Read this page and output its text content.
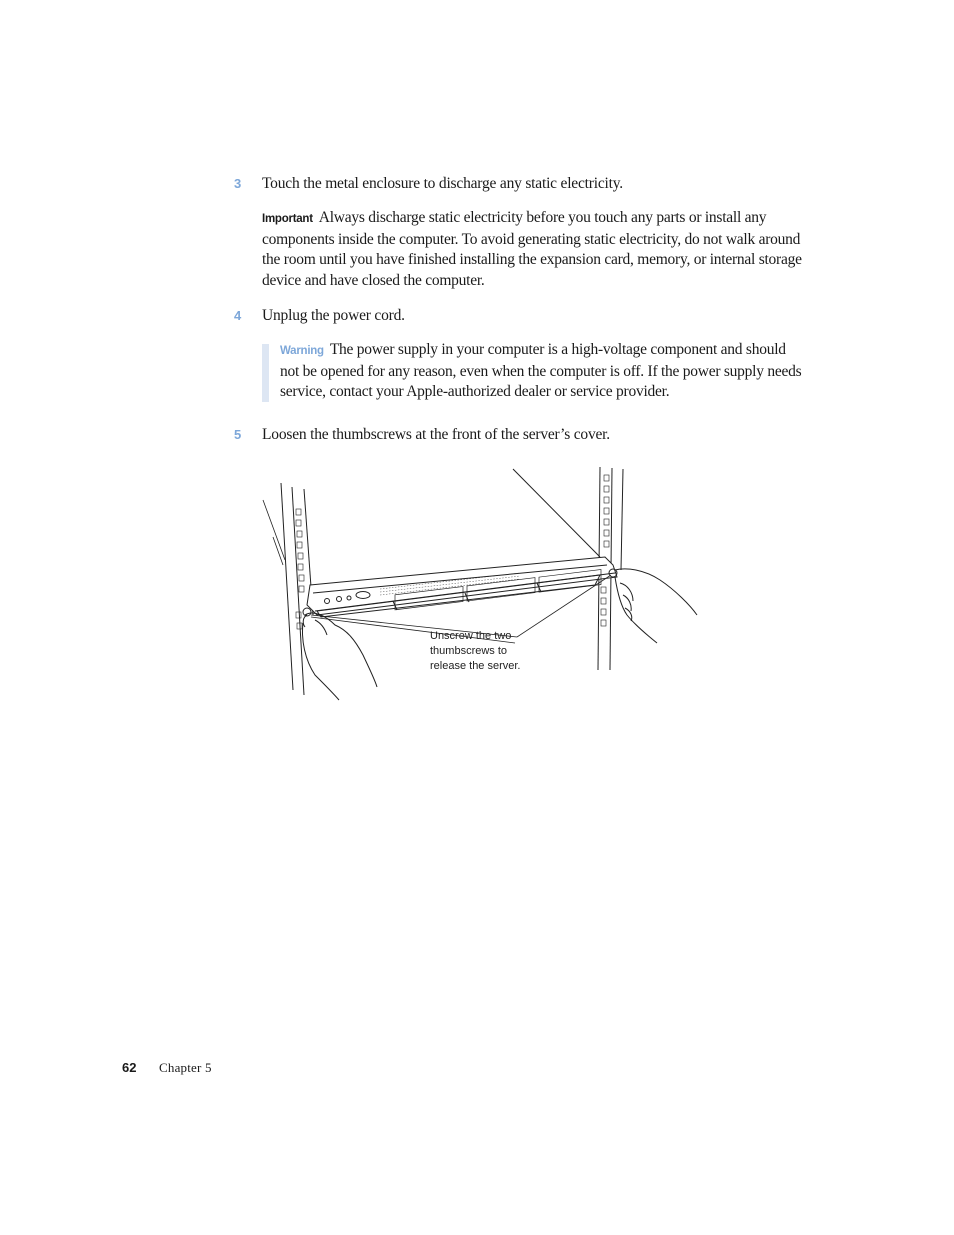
3	Touch the metal enclosure to discharge any static electricity.
Important Always discharge static electricity before you touch any parts or install any components inside the computer. To avoid generating static electricity, do not walk around the room until you have finished installing the expansion card, memory, or internal storage device and have closed the computer.
4	Unplug the power cord.
Warning The power supply in your computer is a high-voltage component and should not be opened for any reason, even when the computer is off. If the power supply needs service, contact your Apple-authorized dealer or service provider.
5	Loosen the thumbscrews at the front of the server’s cover.
Unscrew the two thumbscrews to release the server.
62 Chapter 5
